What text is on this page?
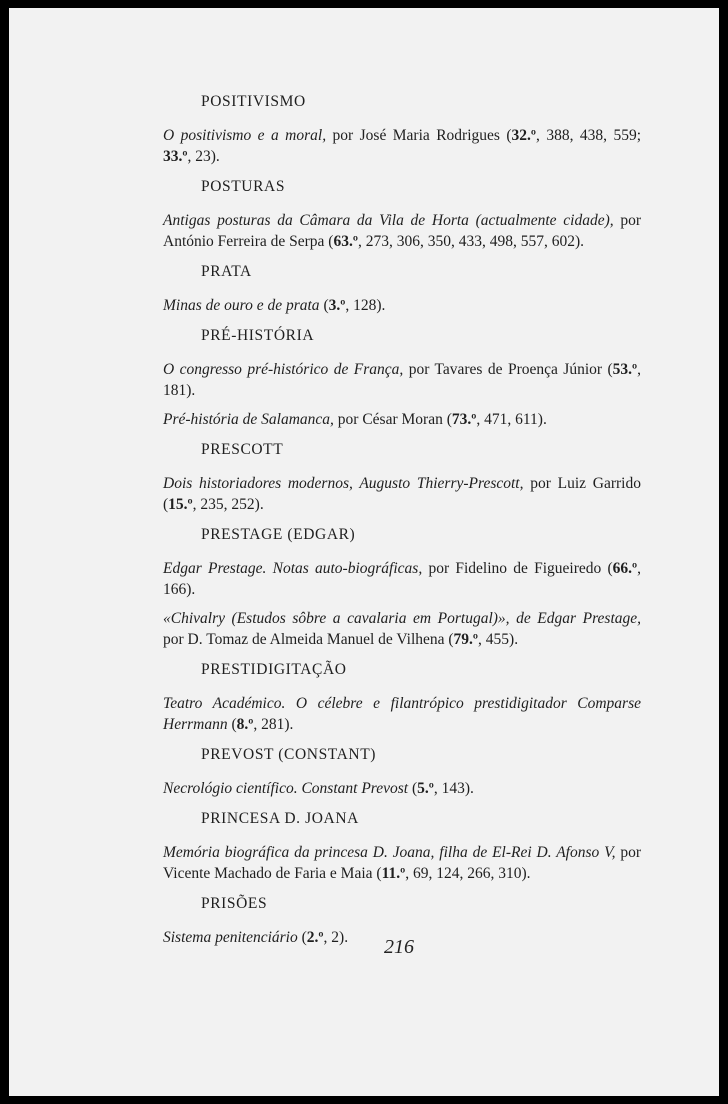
POSITIVISMO
O positivismo e a moral, por José Maria Rodrigues (32.º, 388, 438, 559; 33.º, 23).
POSTURAS
Antigas posturas da Câmara da Vila de Horta (actualmente cidade), por António Ferreira de Serpa (63.º, 273, 306, 350, 433, 498, 557, 602).
PRATA
Minas de ouro e de prata (3.º, 128).
PRÉ-HISTÓRIA
O congresso pré-histórico de França, por Tavares de Proença Júnior (53.º, 181).
Pré-história de Salamanca, por César Moran (73.º, 471, 611).
PRESCOTT
Dois historiadores modernos, Augusto Thierry-Prescott, por Luiz Garrido (15.º, 235, 252).
PRESTAGE (EDGAR)
Edgar Prestage. Notas auto-biográficas, por Fidelino de Figueiredo (66.º, 166).
«Chivalry (Estudos sôbre a cavalaria em Portugal)», de Edgar Prestage, por D. Tomaz de Almeida Manuel de Vilhena (79.º, 455).
PRESTIDIGITAÇÃO
Teatro Académico. O célebre e filantrópico prestidigitador Comparse Herrmann (8.º, 281).
PREVOST (CONSTANT)
Necrológio científico. Constant Prevost (5.º, 143).
PRINCESA D. JOANA
Memória biográfica da princesa D. Joana, filha de El-Rei D. Afonso V, por Vicente Machado de Faria e Maia (11.º, 69, 124, 266, 310).
PRISÕES
Sistema penitenciário (2.º, 2).	216
